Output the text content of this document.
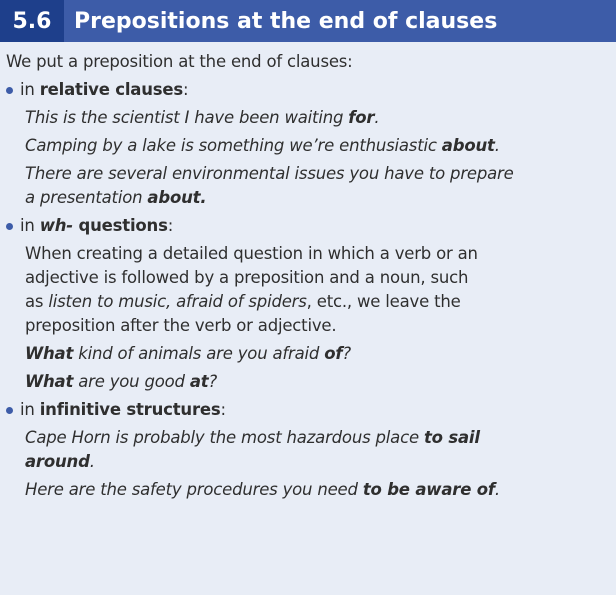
5.6	Prepositions at the end of clauses
We put a preposition at the end of clauses:
in relative clauses:
This is the scientist I have been waiting for.
Camping by a lake is something we’re enthusiastic about.
There are several environmental issues you have to prepare
a presentation about.
in wh- questions:
When creating a detailed question in which a verb or an
adjective is followed by a preposition and a noun, such
as listen to music, afraid of spiders, etc., we leave the
preposition after the verb or adjective.
What kind of animals are you afraid of?
What are you good at?
in infinitive structures:
Cape Horn is probably the most hazardous place to sail
around.
Here are the safety procedures you need to be aware of.
